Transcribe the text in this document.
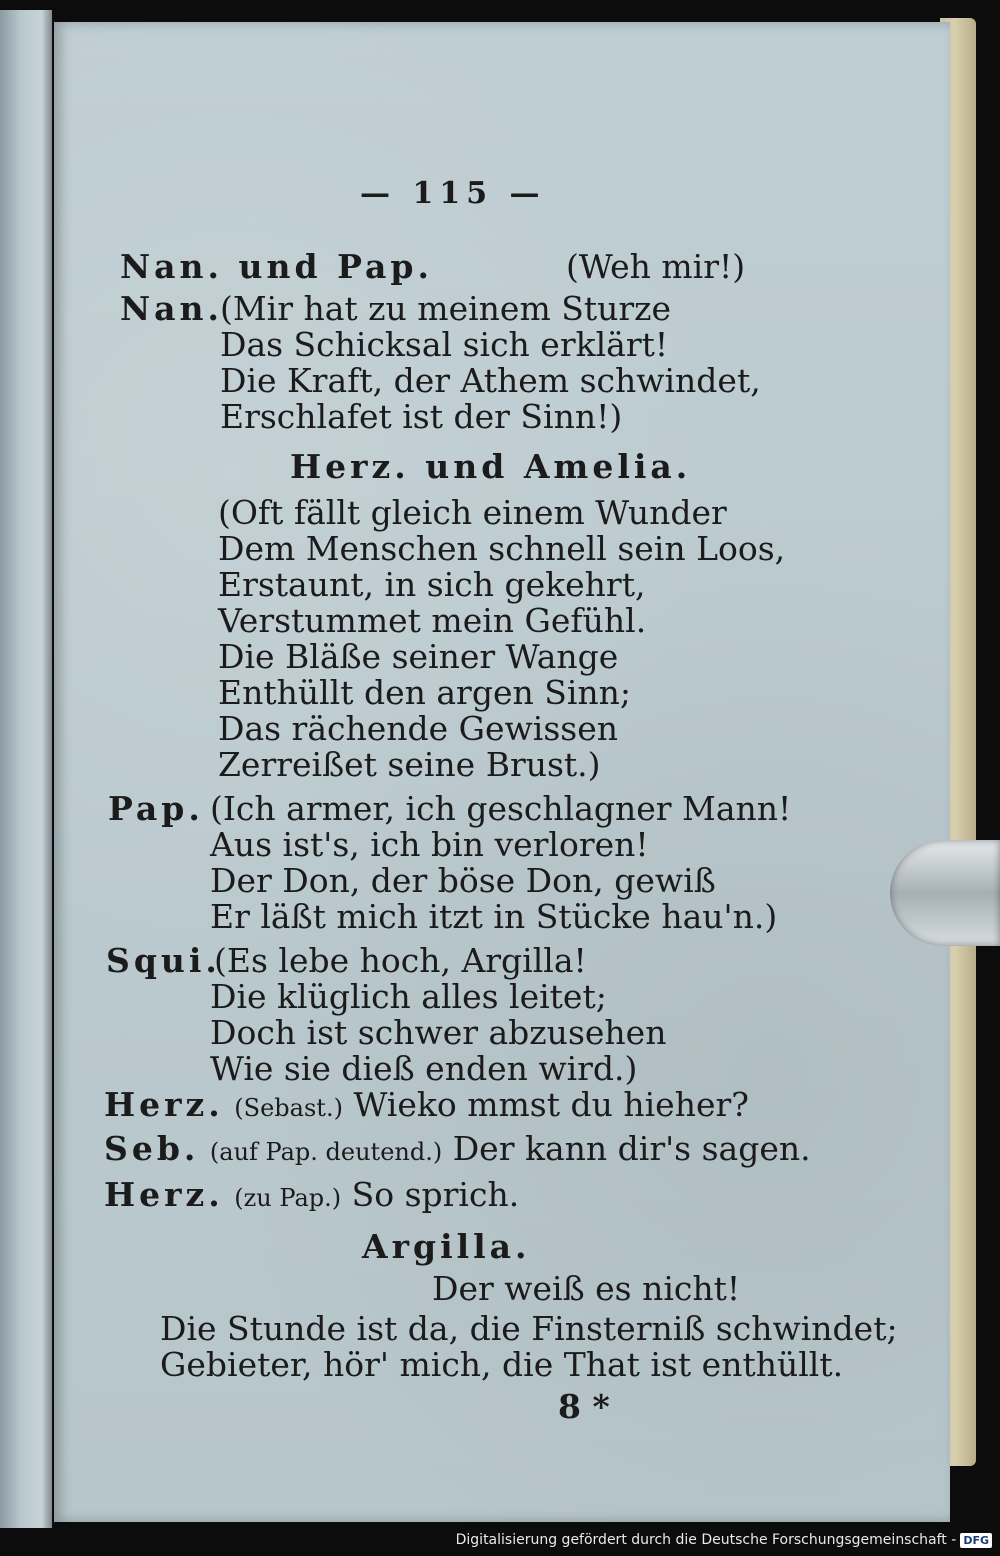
— 115 —
Nan. und Pap.	(Weh mir!)
Nan.
(Mir hat zu meinem Sturze
Das Schicksal sich erklärt!
Die Kraft, der Athem schwindet,
Erschlafet ist der Sinn!)
Herz. und Amelia.
(Oft fällt gleich einem Wunder
Dem Menschen schnell sein Loos,
Erstaunt, in sich gekehrt,
Verstummet mein Gefühl.
Die Bläße seiner Wange
Enthüllt den argen Sinn;
Das rächende Gewissen
Zerreißet seine Brust.)
Pap. (Ich armer, ich geschlagner Mann!
Aus ist's, ich bin verloren!
Der Don, der böse Don, gewiß
Er läßt mich itzt in Stücke hau'n.)
Squi.
(Es lebe hoch, Argilla!
Die klüglich alles leitet;
Doch ist schwer abzusehen
Wie sie dieß enden wird.)
Herz. (Sebast.) Wieko mmst du hieher?
Seb. (auf Pap. deutend.) Der kann dir's sagen.
Herz. (zu Pap.) So sprich.
Argilla.
Der weiß es nicht!
Die Stunde ist da, die Finsterniß schwindet;
Gebieter, hör' mich, die That ist enthüllt.
8 *
Digitalisierung gefördert durch die Deutsche Forschungsgemeinschaft - DFG
